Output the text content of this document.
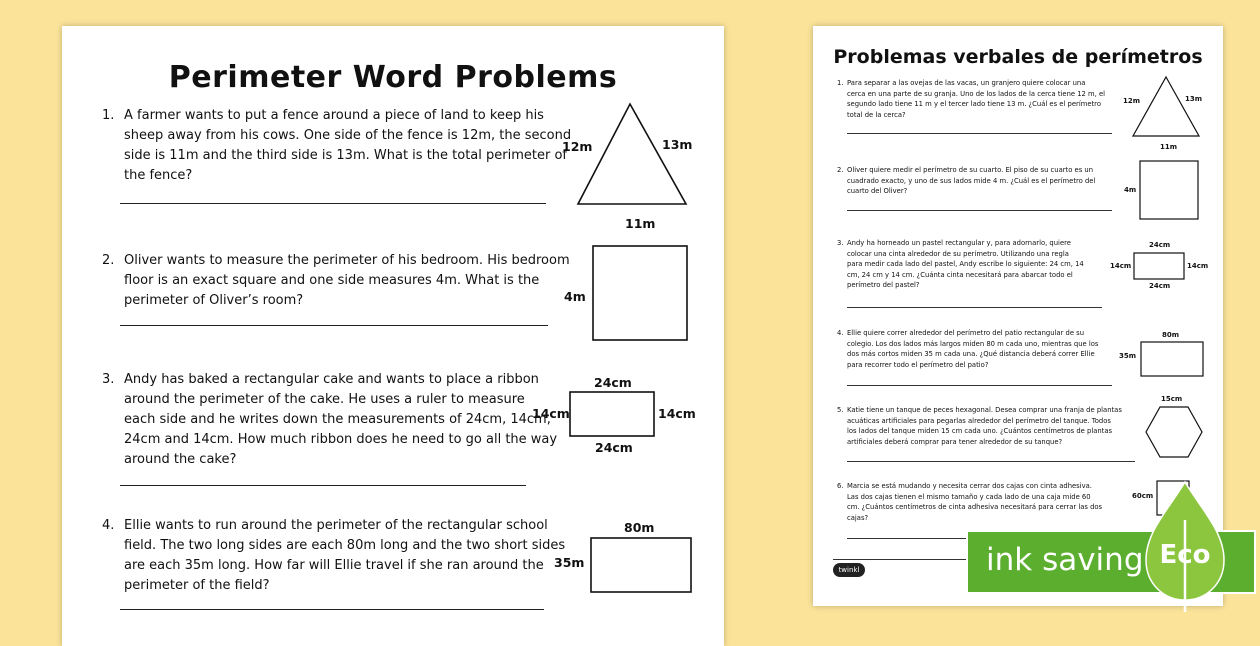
Perimeter Word Problems
1. A farmer wants to put a fence around a piece of land to keep his
sheep away from his cows. One side of the fence is 12m, the second
side is 11m and the third side is 13m. What is the total perimeter of
the fence?
12m	13m
11m
2. Oliver wants to measure the perimeter of his bedroom. His bedroom
floor is an exact square and one side measures 4m. What is the
perimeter of Oliver’s room?	4m
3. Andy has baked a rectangular cake and wants to place a ribbon
around the perimeter of the cake. He uses a ruler to measure
each side and he writes down the measurements of 24cm, 14cm,
24cm and 14cm. How much ribbon does he need to go all the way
around the cake?
24cm
14cm	14cm
24cm
4. Ellie wants to run around the perimeter of the rectangular school
field. The two long sides are each 80m long and the two short sides
are each 35m long. How far will Ellie travel if she ran around the
perimeter of the field?
80m
35m
Problemas verbales de perímetros
1. Para separar a las ovejas de las vacas, un granjero quiere colocar una
cerca en una parte de su granja. Uno de los lados de la cerca tiene 12 m, el
segundo lado tiene 11 m y el tercer lado tiene 13 m. ¿Cuál es el perímetro
total de la cerca?
12m	13m
11m
2. Oliver quiere medir el perímetro de su cuarto. El piso de su cuarto es un
cuadrado exacto, y uno de sus lados mide 4 m. ¿Cuál es el perímetro del
cuarto del Oliver?	4m
3. Andy ha horneado un pastel rectangular y, para adornarlo, quiere
colocar una cinta alrededor de su perímetro. Utilizando una regla
para medir cada lado del pastel, Andy escribe lo siguiente: 24 cm, 14
cm, 24 cm y 14 cm. ¿Cuánta cinta necesitará para abarcar todo el
perímetro del pastel?
24cm
14cm	14cm
24cm
4. Ellie quiere correr alrededor del perímetro del patio rectangular de su
colegio. Los dos lados más largos miden 80 m cada uno, mientras que los
dos más cortos miden 35 m cada una. ¿Qué distancia deberá correr Ellie
para recorrer todo el perímetro del patio?
80m
35m
5. Katie tiene un tanque de peces hexagonal. Desea comprar una franja de plantas
acuáticas artificiales para pegarlas alrededor del perímetro del tanque. Todos
los lados del tanque miden 15 cm cada uno. ¿Cuántos centímetros de plantas
artificiales deberá comprar para tener alrededor de su tanque?
15cm
6. Marcia se está mudando y necesita cerrar dos cajas con cinta adhesiva.
Las dos cajas tienen el mismo tamaño y cada lado de una caja mide 60
cm. ¿Cuántos centímetros de cinta adhesiva necesitará para cerrar las dos
cajas?
60cm
twinkl	ink saving Eco
